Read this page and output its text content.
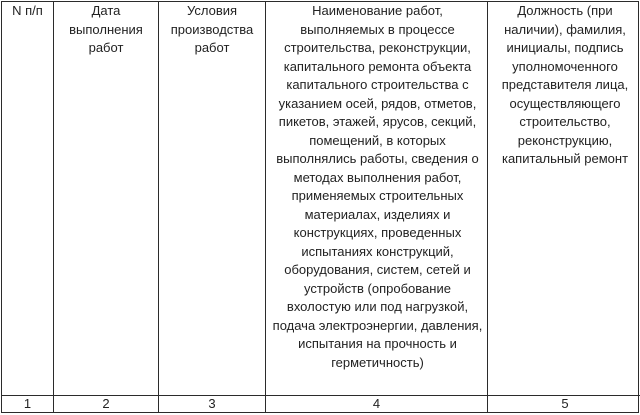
N п/п	Дата выполнения работ	Условия производства работ	Наименование работ, выполняемых в процессе строительства, реконструкции, капитального ремонта объекта капитального строительства с указанием осей, рядов, отметов, пикетов, этажей, ярусов, секций, помещений, в которых выполнялись работы, сведения о методах выполнения работ, применяемых строительных материалах, изделиях и конструкциях, проведенных испытаниях конструкций, оборудования, систем, сетей и устройств (опробование вхолостую или под нагрузкой, подача электроэнергии, давления, испытания на прочность и герметичность)	Должность (при наличии), фамилия, инициалы, подпись уполномоченного представителя лица, осуществляющего строительство, реконструкцию, капитальный ремонт

1	2	3	4	5
